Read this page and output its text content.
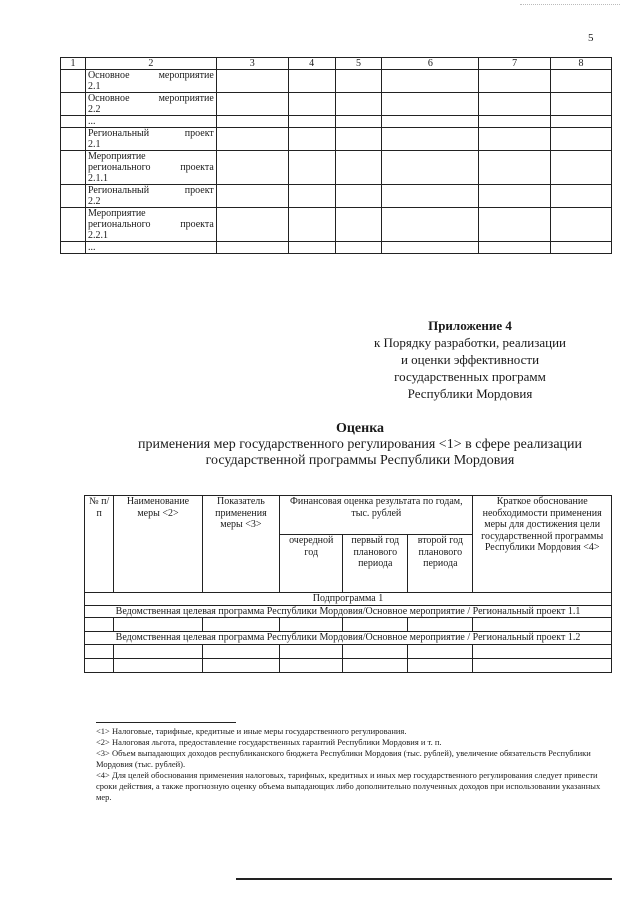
5
1	2	3	4	5	6	7	8

	Основное мероприятие
2.1						

	Основное мероприятие
2.2						

	...						

	Региональный проект
2.1						

	Мероприятие
регионального проекта
2.1.1						

	Региональный проект
2.2						

	Мероприятие
регионального проекта
2.2.1						

	...						

Приложение 4
к Порядку разработки, реализации
и оценки эффективности
государственных программ
Республики Мордовия
Оценка
применения мер государственного регулирования <1> в сфере реализации
государственной программы Республики Мордовия
№ п/п	Наименование меры <2>	Показатель применения меры <3>	Финансовая оценка результата по годам, тыс. рублей			Краткое обоснование необходимости применения меры для достижения цели государственной программы Республики Мордовия <4>
			очередной год	первый год планового периода	второй год планового периода	
Подпрограмма 1						
Ведомственная целевая программа Республики Мордовия/Основное мероприятие / Региональный проект 1.1						

Ведомственная целевая программа Республики Мордовия/Основное мероприятие / Региональный проект 1.2						

<1> Налоговые, тарифные, кредитные и иные меры государственного регулирования.

<2> Налоговая льгота, предоставление государственных гарантий Республики Мордовия и т. п.

<3> Объем выпадающих доходов республиканского бюджета Республики Мордовия (тыс. рублей), увеличение обязательств Республики Мордовия (тыс. рублей).

<4> Для целей обоснования применения налоговых, тарифных, кредитных и иных мер государственного регулирования следует привести сроки действия, а также прогнозную оценку объема выпадающих либо дополнительно полученных доходов при использовании указанных мер.
